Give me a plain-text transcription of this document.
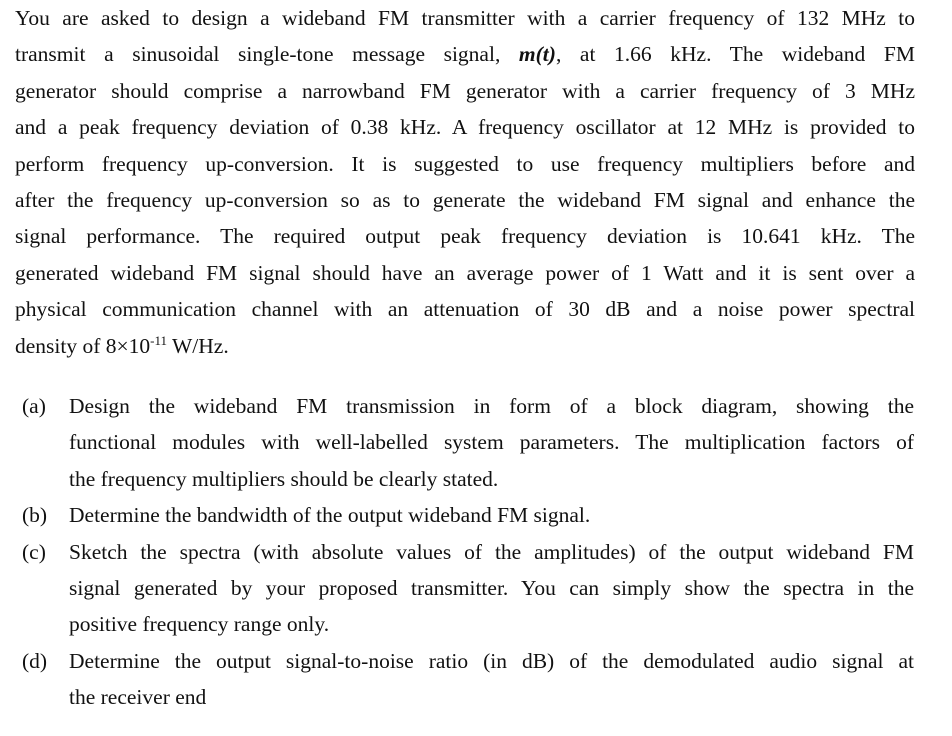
You are asked to design a wideband FM transmitter with a carrier frequency of 132 MHz to
transmit a sinusoidal single-tone message signal, m(t), at 1.66 kHz. The wideband FM
generator should comprise a narrowband FM generator with a carrier frequency of 3 MHz
and a peak frequency deviation of 0.38 kHz. A frequency oscillator at 12 MHz is provided to
perform frequency up-conversion. It is suggested to use frequency multipliers before and
after the frequency up-conversion so as to generate the wideband FM signal and enhance the
signal performance. The required output peak frequency deviation is 10.641 kHz. The
generated wideband FM signal should have an average power of 1 Watt and it is sent over a
physical communication channel with an attenuation of 30 dB and a noise power spectral
density of $8\times 10^{-11}$ W/Hz.
(a)	Design the wideband FM transmission in form of a block diagram, showing the
functional modules with well-labelled system parameters. The multiplication factors of
the frequency multipliers should be clearly stated.
(b)	Determine the bandwidth of the output wideband FM signal.
(c)	Sketch the spectra (with absolute values of the amplitudes) of the output wideband FM
signal generated by your proposed transmitter. You can simply show the spectra in the
positive frequency range only.
(d)	Determine the output signal-to-noise ratio (in dB) of the demodulated audio signal at
the receiver end
